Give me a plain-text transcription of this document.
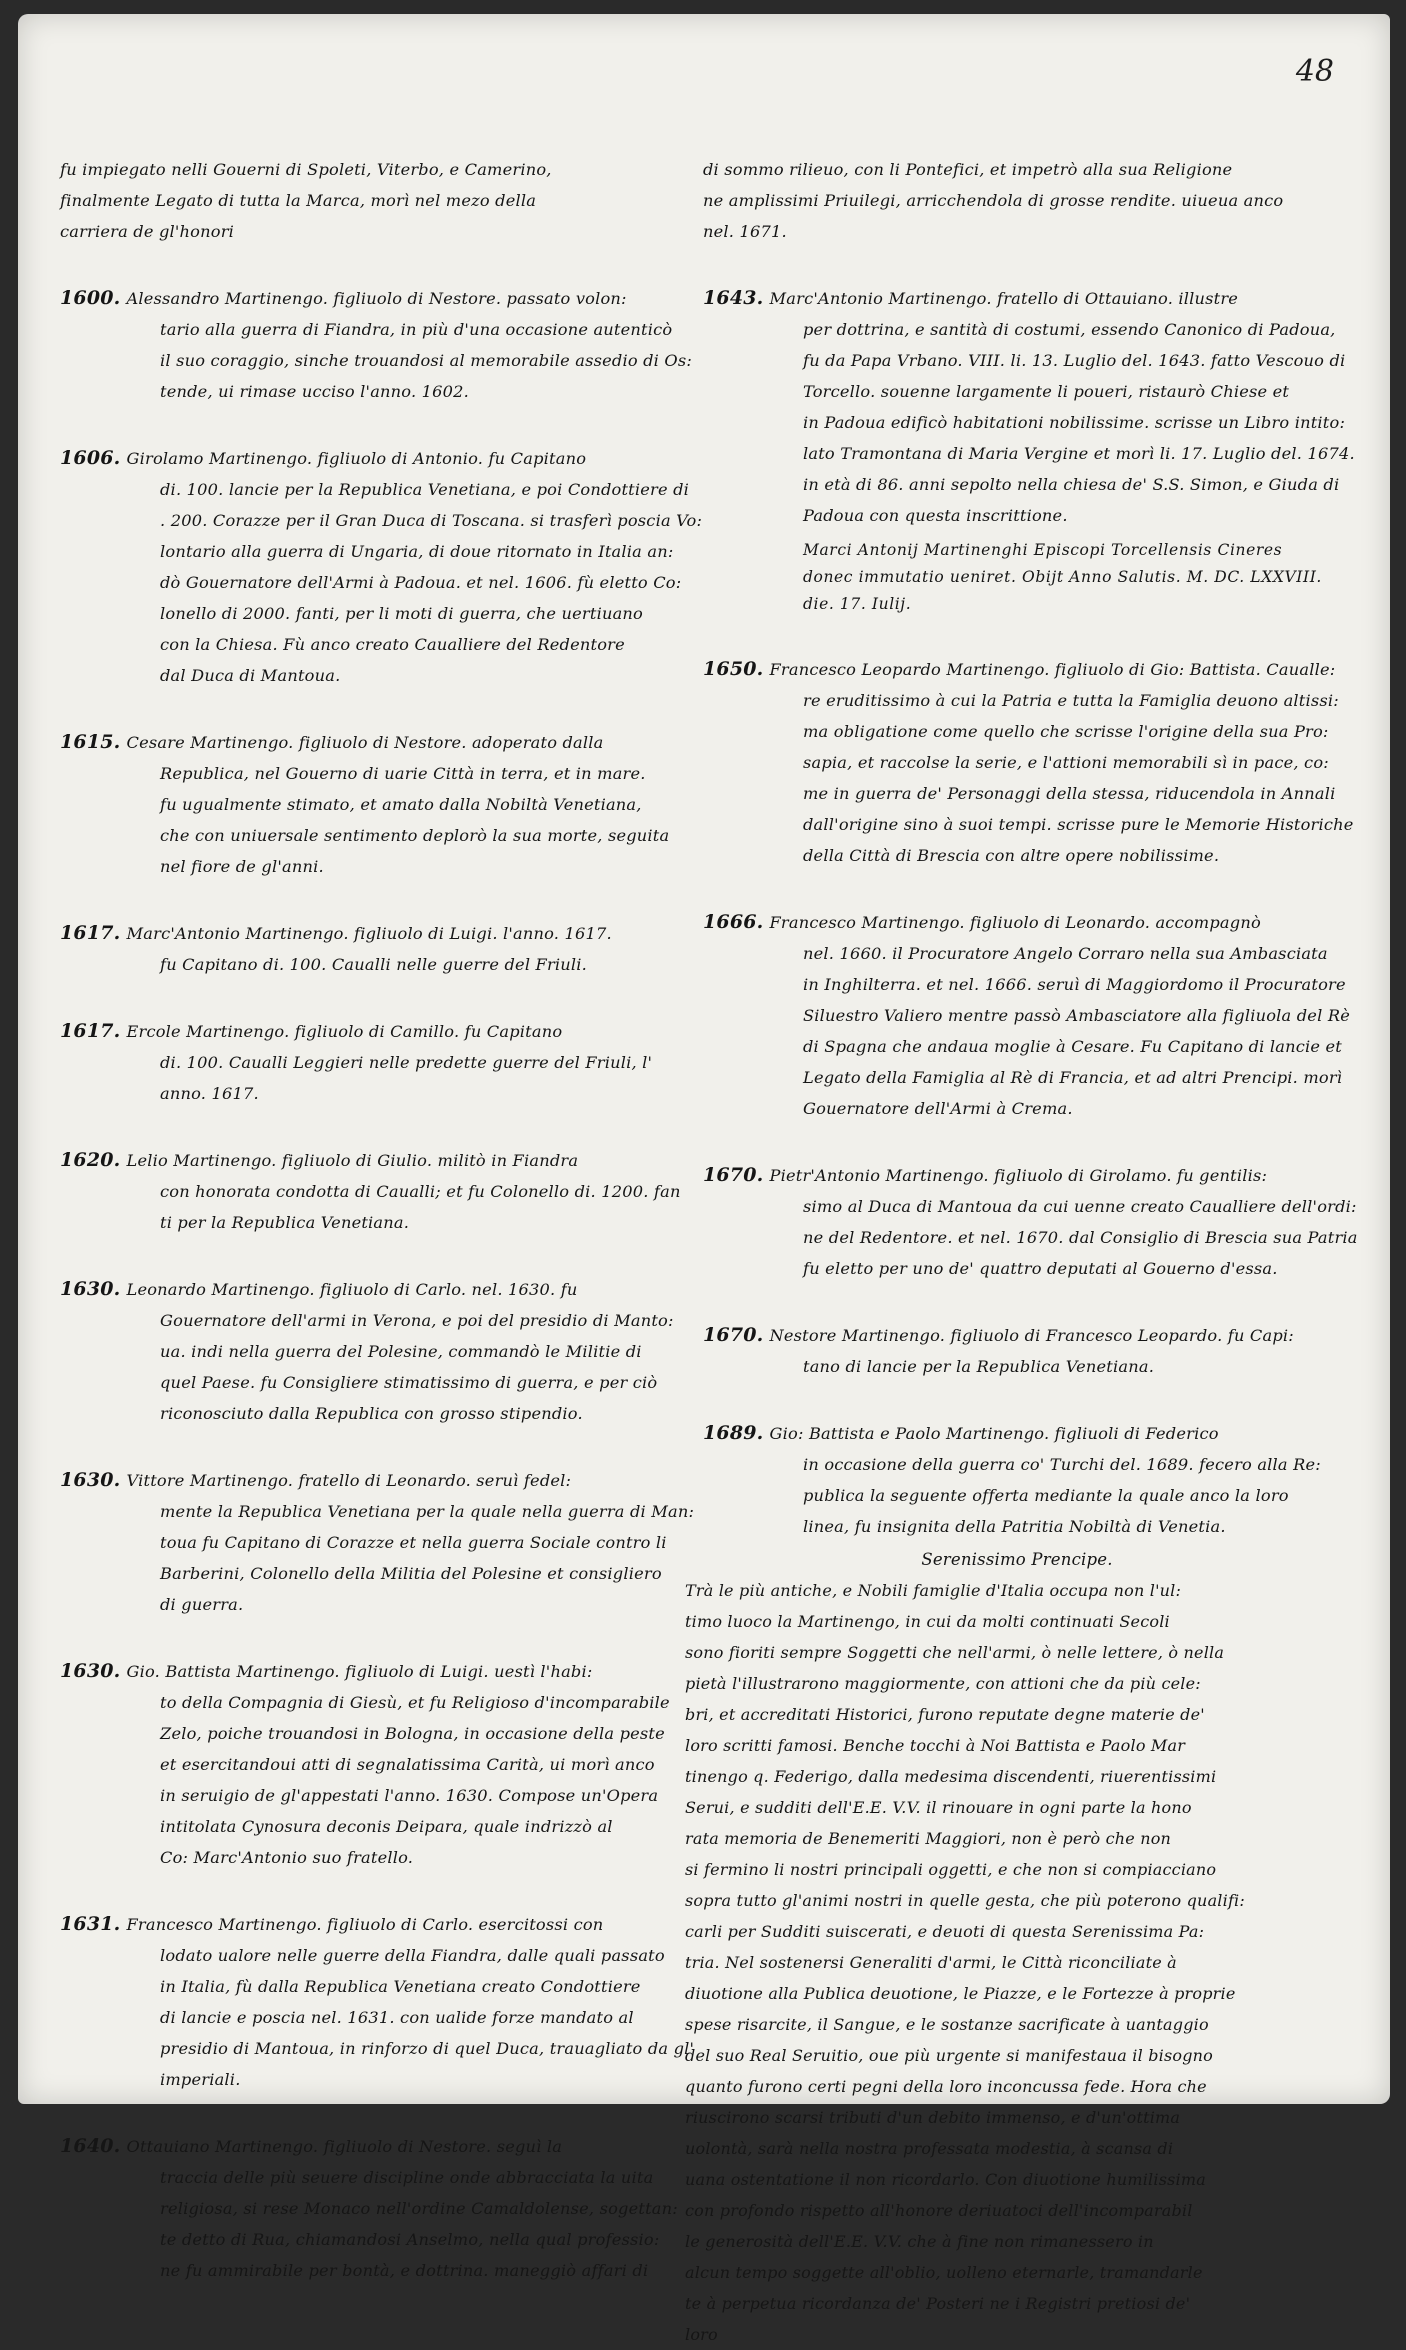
48
fu impiegato nelli Gouerni di Spoleti, Viterbo, e Camerino,
finalmente Legato di tutta la Marca, morì nel mezo della
carriera de gl'honori
1600. Alessandro Martinengo. figliuolo di Nestore. passato volon:
tario alla guerra di Fiandra, in più d'una occasione autenticò
il suo coraggio, sinche trouandosi al memorabile assedio di Os:
tende, ui rimase ucciso l'anno. 1602.
1606. Girolamo Martinengo. figliuolo di Antonio. fu Capitano
di. 100. lancie per la Republica Venetiana, e poi Condottiere di
. 200. Corazze per il Gran Duca di Toscana. si trasferì poscia Vo:
lontario alla guerra di Ungaria, di doue ritornato in Italia an:
dò Gouernatore dell'Armi à Padoua. et nel. 1606. fù eletto Co:
lonello di 2000. fanti, per li moti di guerra, che uertiuano
con la Chiesa. Fù anco creato Caualliere del Redentore
dal Duca di Mantoua.
1615. Cesare Martinengo. figliuolo di Nestore. adoperato dalla
Republica, nel Gouerno di uarie Città in terra, et in mare.
fu ugualmente stimato, et amato dalla Nobiltà Venetiana,
che con uniuersale sentimento deplorò la sua morte, seguita
nel fiore de gl'anni.
1617. Marc'Antonio Martinengo. figliuolo di Luigi. l'anno. 1617.
fu Capitano di. 100. Caualli nelle guerre del Friuli.
1617. Ercole Martinengo. figliuolo di Camillo. fu Capitano
di. 100. Caualli Leggieri nelle predette guerre del Friuli, l'
anno. 1617.
1620. Lelio Martinengo. figliuolo di Giulio. militò in Fiandra
con honorata condotta di Caualli; et fu Colonello di. 1200. fan
ti per la Republica Venetiana.
1630. Leonardo Martinengo. figliuolo di Carlo. nel. 1630. fu
Gouernatore dell'armi in Verona, e poi del presidio di Manto:
ua. indi nella guerra del Polesine, commandò le Militie di
quel Paese. fu Consigliere stimatissimo di guerra, e per ciò
riconosciuto dalla Republica con grosso stipendio.
1630. Vittore Martinengo. fratello di Leonardo. seruì fedel:
mente la Republica Venetiana per la quale nella guerra di Man:
toua fu Capitano di Corazze et nella guerra Sociale contro li
Barberini, Colonello della Militia del Polesine et consigliero
di guerra.
1630. Gio. Battista Martinengo. figliuolo di Luigi. uestì l'habi:
to della Compagnia di Giesù, et fu Religioso d'incomparabile
Zelo, poiche trouandosi in Bologna, in occasione della peste
et esercitandoui atti di segnalatissima Carità, ui morì anco
in seruigio de gl'appestati l'anno. 1630. Compose un'Opera
intitolata Cynosura deconis Deipara, quale indrizzò al
Co: Marc'Antonio suo fratello.
1631. Francesco Martinengo. figliuolo di Carlo. esercitossi con
lodato ualore nelle guerre della Fiandra, dalle quali passato
in Italia, fù dalla Republica Venetiana creato Condottiere
di lancie e poscia nel. 1631. con ualide forze mandato al
presidio di Mantoua, in rinforzo di quel Duca, trauagliato da gl'
imperiali.
1640. Ottauiano Martinengo. figliuolo di Nestore. seguì la
traccia delle più seuere discipline onde abbracciata la uita
religiosa, si rese Monaco nell'ordine Camaldolense, sogettan:
te detto di Rua, chiamandosi Anselmo, nella qual professio:
ne fu ammirabile per bontà, e dottrina. maneggiò affari di
di sommo rilieuo, con li Pontefici, et impetrò alla sua Religione
ne amplissimi Priuilegi, arricchendola di grosse rendite. uiueua anco
nel. 1671.
1643. Marc'Antonio Martinengo. fratello di Ottauiano. illustre
per dottrina, e santità di costumi, essendo Canonico di Padoua,
fu da Papa Vrbano. VIII. li. 13. Luglio del. 1643. fatto Vescouo di
Torcello. souenne largamente li poueri, ristaurò Chiese et
in Padoua edificò habitationi nobilissime. scrisse un Libro intito:
lato Tramontana di Maria Vergine et morì li. 17. Luglio del. 1674.
in età di 86. anni sepolto nella chiesa de' S.S. Simon, e Giuda di
Padoua con questa inscrittione.
Marci Antonij Martinenghi Episcopi Torcellensis Cineres
donec immutatio ueniret. Obijt Anno Salutis. M. DC. LXXVIII.
die. 17. Iulij.
1650. Francesco Leopardo Martinengo. figliuolo di Gio: Battista. Caualle:
re eruditissimo à cui la Patria e tutta la Famiglia deuono altissi:
ma obligatione come quello che scrisse l'origine della sua Pro:
sapia, et raccolse la serie, e l'attioni memorabili sì in pace, co:
me in guerra de' Personaggi della stessa, riducendola in Annali
dall'origine sino à suoi tempi. scrisse pure le Memorie Historiche
della Città di Brescia con altre opere nobilissime.
1666. Francesco Martinengo. figliuolo di Leonardo. accompagnò
nel. 1660. il Procuratore Angelo Corraro nella sua Ambasciata
in Inghilterra. et nel. 1666. seruì di Maggiordomo il Procuratore
Siluestro Valiero mentre passò Ambasciatore alla figliuola del Rè
di Spagna che andaua moglie à Cesare. Fu Capitano di lancie et
Legato della Famiglia al Rè di Francia, et ad altri Prencipi. morì
Gouernatore dell'Armi à Crema.
1670. Pietr'Antonio Martinengo. figliuolo di Girolamo. fu gentilis:
simo al Duca di Mantoua da cui uenne creato Caualliere dell'ordi:
ne del Redentore. et nel. 1670. dal Consiglio di Brescia sua Patria
fu eletto per uno de' quattro deputati al Gouerno d'essa.
1670. Nestore Martinengo. figliuolo di Francesco Leopardo. fu Capi:
tano di lancie per la Republica Venetiana.
1689. Gio: Battista e Paolo Martinengo. figliuoli di Federico
in occasione della guerra co' Turchi del. 1689. fecero alla Re:
publica la seguente offerta mediante la quale anco la loro
linea, fu insignita della Patritia Nobiltà di Venetia.
Serenissimo Prencipe.
Trà le più antiche, e Nobili famiglie d'Italia occupa non l'ul:
timo luoco la Martinengo, in cui da molti continuati Secoli
sono fioriti sempre Soggetti che nell'armi, ò nelle lettere, ò nella
pietà l'illustrarono maggiormente, con attioni che da più cele:
bri, et accreditati Historici, furono reputate degne materie de'
loro scritti famosi. Benche tocchi à Noi Battista e Paolo Mar
tinengo q. Federigo, dalla medesima discendenti, riuerentissimi
Serui, e sudditi dell'E.E. V.V. il rinouare in ogni parte la hono
rata memoria de Benemeriti Maggiori, non è però che non
si fermino li nostri principali oggetti, e che non si compiacciano
sopra tutto gl'animi nostri in quelle gesta, che più poterono qualifi:
carli per Sudditi suiscerati, e deuoti di questa Serenissima Pa:
tria. Nel sostenersi Generaliti d'armi, le Città riconciliate à
diuotione alla Publica deuotione, le Piazze, e le Fortezze à proprie
spese risarcite, il Sangue, e le sostanze sacrificate à uantaggio
del suo Real Seruitio, oue più urgente si manifestaua il bisogno
quanto furono certi pegni della loro inconcussa fede. Hora che
riuscirono scarsi tributi d'un debito immenso, e d'un'ottima
uolontà, sarà nella nostra professata modestia, à scansa di
uana ostentatione il non ricordarlo. Con diuotione humilissima
con profondo rispetto all'honore deriuatoci dell'incomparabil
le generosità dell'E.E. V.V. che à fine non rimanessero in
alcun tempo soggette all'oblio, uolleno eternarle, tramandarle
te à perpetua ricordanza de' Posteri ne i Registri pretiosi de'
loro
